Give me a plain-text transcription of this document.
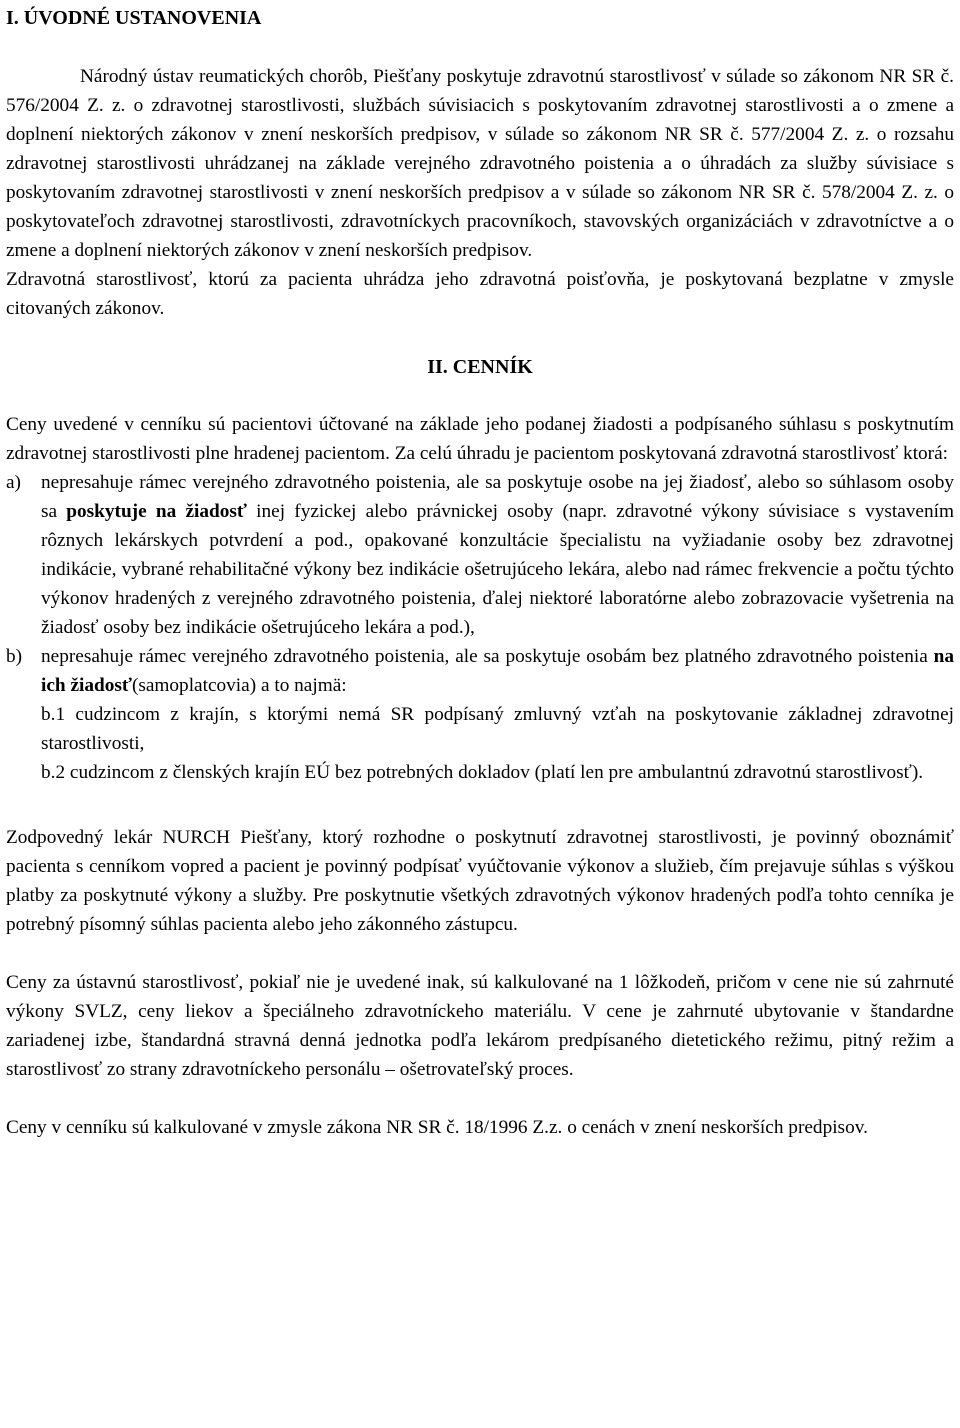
I. ÚVODNÉ USTANOVENIA

Národný ústav reumatických chorôb, Piešťany poskytuje zdravotnú starostlivosť v súlade so zákonom NR SR č. 576/2004 Z. z. o zdravotnej starostlivosti, službách súvisiacich s poskytovaním zdravotnej starostlivosti a o zmene a doplnení niektorých zákonov v znení neskorších predpisov, v súlade so zákonom NR SR č. 577/2004 Z. z. o rozsahu zdravotnej starostlivosti uhrádzanej na základe verejného zdravotného poistenia a o úhradách za služby súvisiace s poskytovaním zdravotnej starostlivosti v znení neskorších predpisov a v súlade so zákonom NR SR č. 578/2004 Z. z. o poskytovateľoch zdravotnej starostlivosti, zdravotníckych pracovníkoch, stavovských organizáciách v zdravotníctve a o zmene a doplnení niektorých zákonov v znení neskorších predpisov.

Zdravotná starostlivosť, ktorú za pacienta uhrádza jeho zdravotná poisťovňa, je poskytovaná bezplatne v zmysle citovaných zákonov.

II. CENNÍK

Ceny uvedené v cenníku sú pacientovi účtované na základe jeho podanej žiadosti a podpísaného súhlasu s poskytnutím zdravotnej starostlivosti plne hradenej pacientom. Za celú úhradu je pacientom poskytovaná zdravotná starostlivosť ktorá:

a) nepresahuje rámec verejného zdravotného poistenia, ale sa poskytuje osobe na jej žiadosť, alebo so súhlasom osoby sa poskytuje na žiadosť inej fyzickej alebo právnickej osoby (napr. zdravotné výkony súvisiace s vystavením rôznych lekárskych potvrdení a pod., opakované konzultácie špecialistu na vyžiadanie osoby bez zdravotnej indikácie, vybrané rehabilitačné výkony bez indikácie ošetrujúceho lekára, alebo nad rámec frekvencie a počtu týchto výkonov hradených z verejného zdravotného poistenia, ďalej niektoré laboratórne alebo zobrazovacie vyšetrenia na žiadosť osoby bez indikácie ošetrujúceho lekára a pod.),
b) nepresahuje rámec verejného zdravotného poistenia, ale sa poskytuje osobám bez platného zdravotného poistenia na ich žiadosť(samoplatcovia) a to najmä:
b.1 cudzincom z krajín, s ktorými nemá SR podpísaný zmluvný vzťah na poskytovanie základnej zdravotnej starostlivosti,
b.2 cudzincom z členských krajín EÚ bez potrebných dokladov (platí len pre ambulantnú zdravotnú starostlivosť).

Zodpovedný lekár NURCH Piešťany, ktorý rozhodne o poskytnutí zdravotnej starostlivosti, je povinný oboznámiť pacienta s cenníkom vopred a pacient je povinný podpísať vyúčtovanie výkonov a služieb, čím prejavuje súhlas s výškou platby za poskytnuté výkony a služby. Pre poskytnutie všetkých zdravotných výkonov hradených podľa tohto cenníka je potrebný písomný súhlas pacienta alebo jeho zákonného zástupcu.

Ceny za ústavnú starostlivosť, pokiaľ nie je uvedené inak, sú kalkulované na 1 lôžkodeň, pričom v cene nie sú zahrnuté výkony SVLZ, ceny liekov a špeciálneho zdravotníckeho materiálu. V cene je zahrnuté ubytovanie v štandardne zariadenej izbe, štandardná stravná denná jednotka podľa lekárom predpísaného dietetického režimu, pitný režim a starostlivosť zo strany zdravotníckeho personálu – ošetrovateľský proces.

Ceny v cenníku sú kalkulované v zmysle zákona NR SR č. 18/1996 Z.z. o cenách v znení neskorších predpisov.
